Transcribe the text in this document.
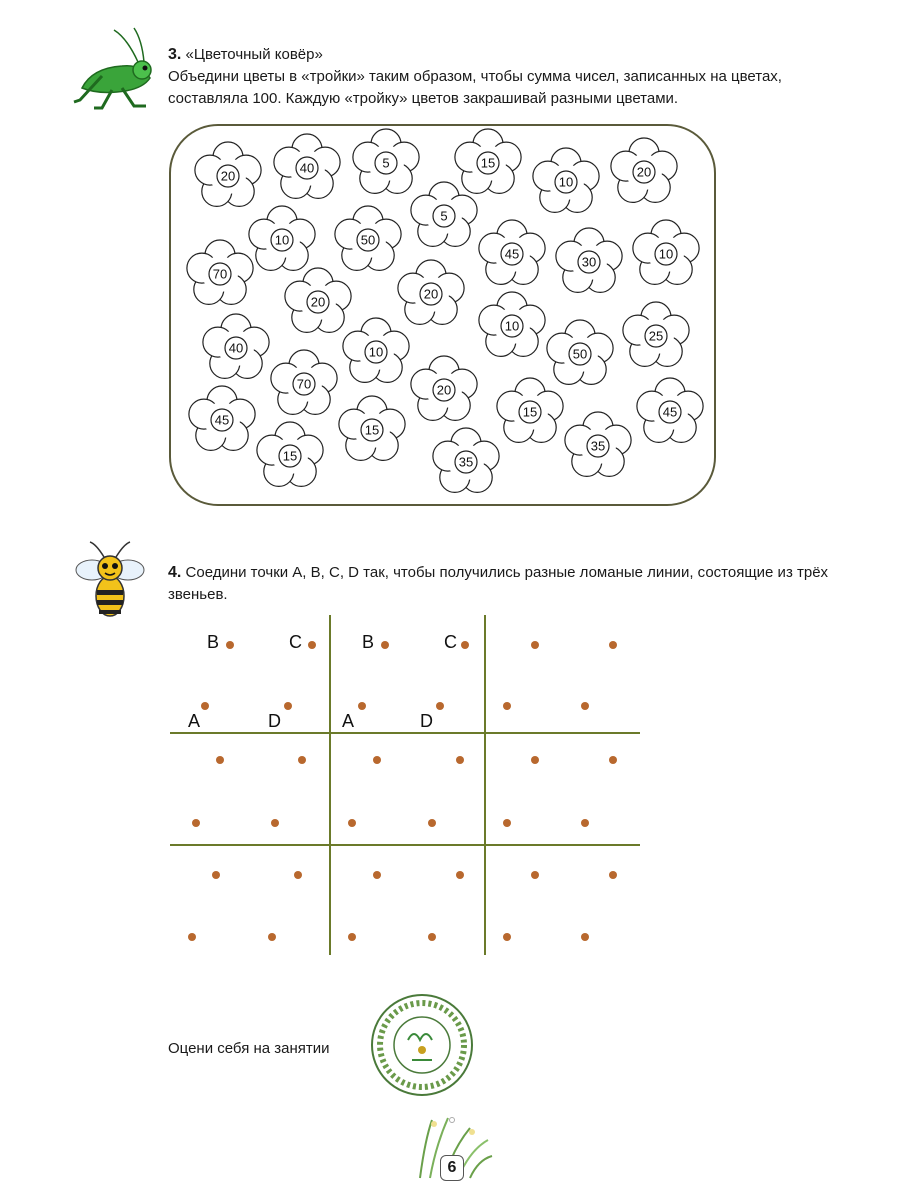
3. «Цветочный ковёр»
Объедини цветы в «тройки» таким образом, чтобы сумма чисел, записанных на цветах, составляла 100. Каждую «тройку» цветов закрашивай разными цветами.
4. Соедини точки A, B, C, D так, чтобы получились разные ломаные линии, состоящие из трёх звеньев.
20
40	5	15
10
20
10	50
5
45
30
10
70
20
20
10
25
40	10	50
70	20
15	45
45
15
15
35
35
B	C	B	C
A	D	A	D
Оцени себя на занятии
6
